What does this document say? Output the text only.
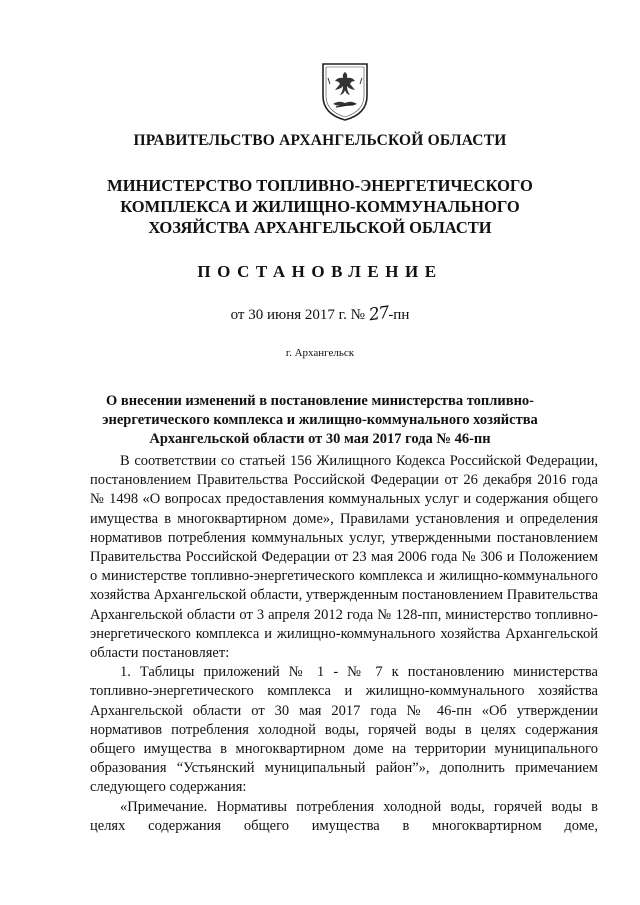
ПРАВИТЕЛЬСТВО АРХАНГЕЛЬСКОЙ ОБЛАСТИ
МИНИСТЕРСТВО ТОПЛИВНО-ЭНЕРГЕТИЧЕСКОГО
КОМПЛЕКСА И ЖИЛИЩНО-КОММУНАЛЬНОГО
ХОЗЯЙСТВА АРХАНГЕЛЬСКОЙ ОБЛАСТИ
ПОСТАНОВЛЕНИЕ
от 30 июня 2017 г. № 27-пн
г. Архангельск
О внесении изменений в постановление министерства топливно-
энергетического комплекса и жилищно-коммунального хозяйства
Архангельской области от 30 мая 2017 года № 46-пн

В соответствии со статьей 156 Жилищного Кодекса Российской Федерации, постановлением Правительства Российской Федерации от 26 декабря 2016 года № 1498 «О вопросах предоставления коммунальных услуг и содержания общего имущества в многоквартирном доме», Правилами установления и определения нормативов потребления коммунальных услуг, утвержденными постановлением Правительства Российской Федерации от 23 мая 2006 года № 306 и Положением о министерстве топливно-энергетического комплекса и жилищно-коммунального хозяйства Архангельской области, утвержденным постановлением Правительства Архангельской области от 3 апреля 2012 года № 128-пп, министерство топливно-энергетического комплекса и жилищно-коммунального хозяйства Архангельской области постановляет:

1. Таблицы приложений № 1 - № 7 к постановлению министерства топливно-энергетического комплекса и жилищно-коммунального хозяйства Архангельской области от 30 мая 2017 года № 46-пн «Об утверждении нормативов потребления холодной воды, горячей воды в целях содержания общего имущества в многоквартирном доме на территории муниципального образования “Устьянский муниципальный район”», дополнить примечанием следующего содержания:

«Примечание. Нормативы потребления холодной воды, горячей воды в целях содержания общего имущества в многоквартирном доме,
